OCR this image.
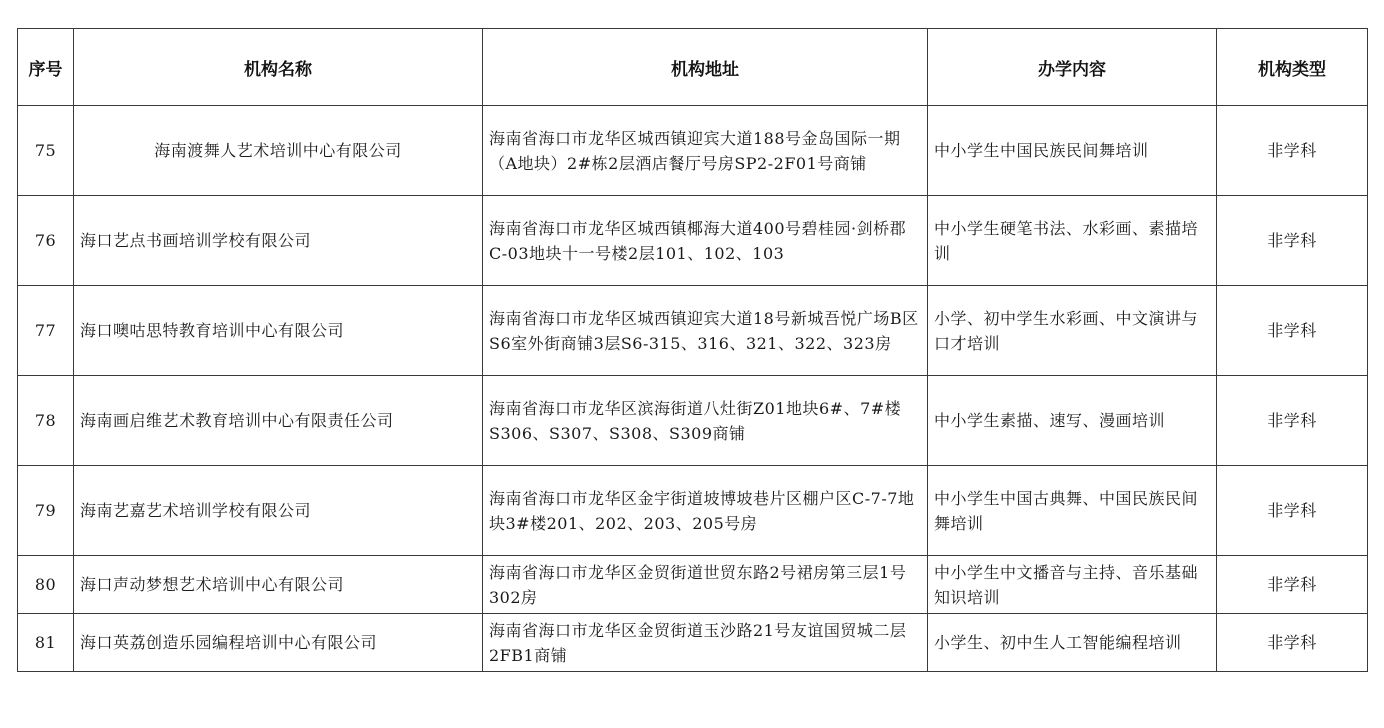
序号	机构名称	机构地址	办学内容	机构类型
75	海南渡舞人艺术培训中心有限公司	海南省海口市龙华区城西镇迎宾大道188号金岛国际一期（A地块）2#栋2层酒店餐厅号房SP2-2F01号商铺	中小学生中国民族民间舞培训	非学科
76	海口艺点书画培训学校有限公司	海南省海口市龙华区城西镇椰海大道400号碧桂园·剑桥郡C-03地块十一号楼2层101、102、103	中小学生硬笔书法、水彩画、素描培训	非学科
77	海口噢咕思特教育培训中心有限公司	海南省海口市龙华区城西镇迎宾大道18号新城吾悦广场B区S6室外街商铺3层S6-315、316、321、322、323房	小学、初中学生水彩画、中文演讲与口才培训	非学科
78	海南画启维艺术教育培训中心有限责任公司	海南省海口市龙华区滨海街道八灶街Z01地块6#、7#楼S306、S307、S308、S309商铺	中小学生素描、速写、漫画培训	非学科
79	海南艺嘉艺术培训学校有限公司	海南省海口市龙华区金宇街道坡博坡巷片区棚户区C-7-7地块3#楼201、202、203、205号房	中小学生中国古典舞、中国民族民间舞培训	非学科
80	海口声动梦想艺术培训中心有限公司	海南省海口市龙华区金贸街道世贸东路2号裙房第三层1号302房	中小学生中文播音与主持、音乐基础知识培训	非学科
81	海口英荔创造乐园编程培训中心有限公司	海南省海口市龙华区金贸街道玉沙路21号友谊国贸城二层2FB1商铺	小学生、初中生人工智能编程培训	非学科
